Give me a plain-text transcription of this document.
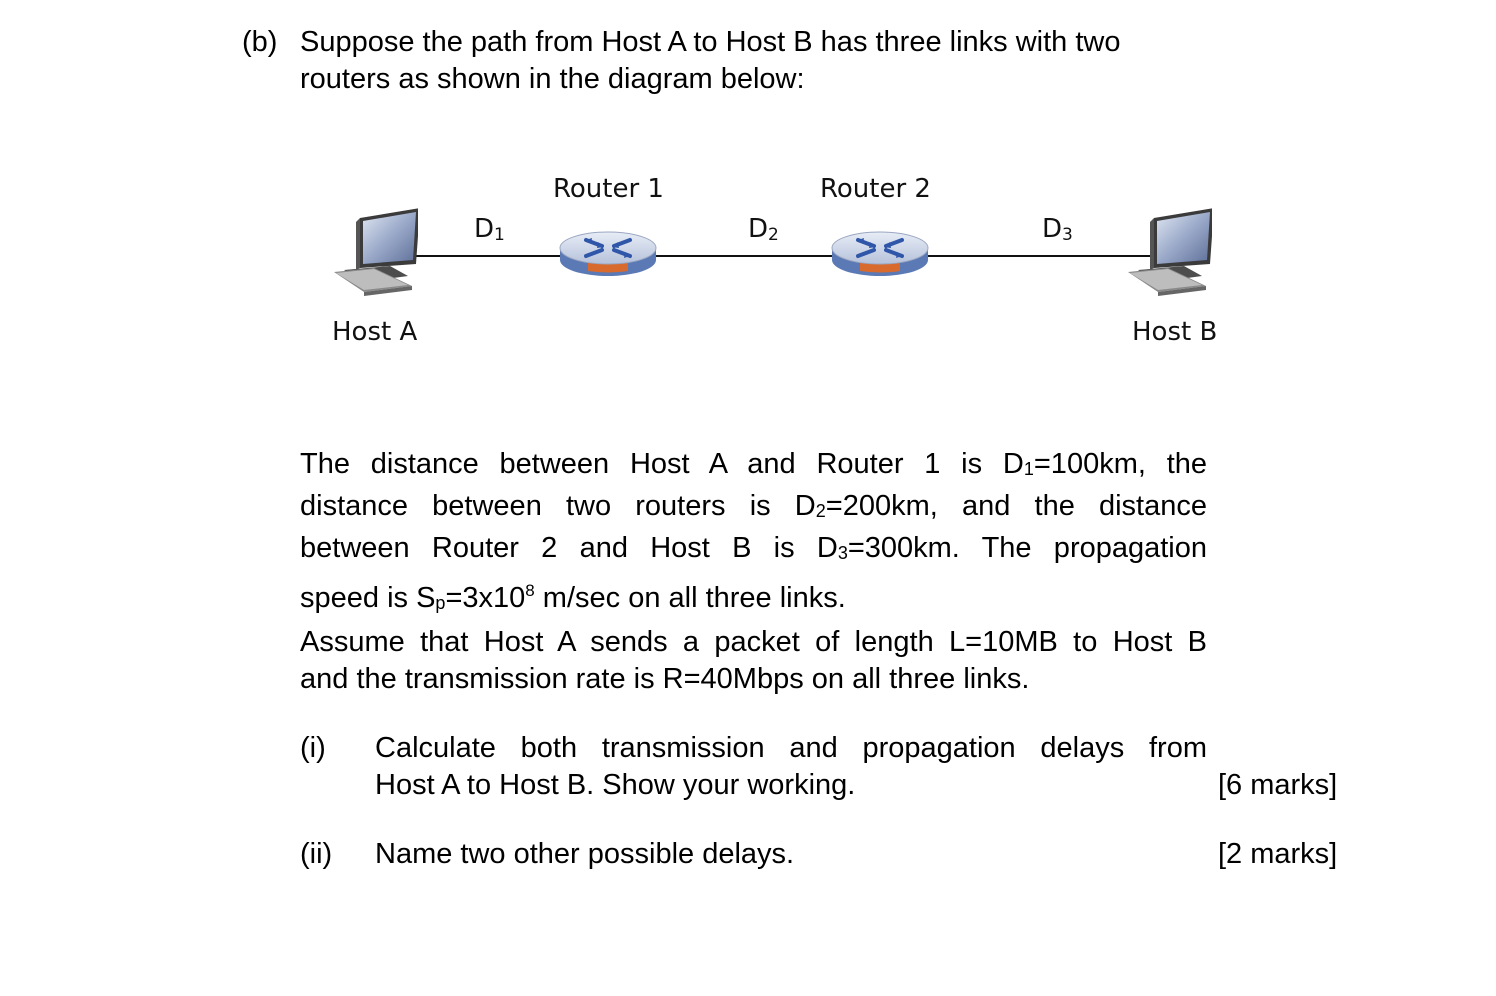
(b) Suppose the path from Host A to Host B has three links with two
routers as shown in the diagram below:
Router 1	Router 2
Host A	Host B
$D_1$	$D_2$	$D_3$
The distance between Host A and Router 1 is $D_1=100km$, the
distance between two routers is $D_2=200km$, and the distance
between Router 2 and Host B is $D_3=300km$. The propagation
speed is $S_p=3x10^8$ m/sec on all three links.
Assume that Host A sends a packet of length L=10MB to Host B
and the transmission rate is R=40Mbps on all three links.
(i) Calculate both transmission and propagation delays from
Host A to Host B. Show your working.	[6 marks]
(ii) Name two other possible delays.	[2 marks]
